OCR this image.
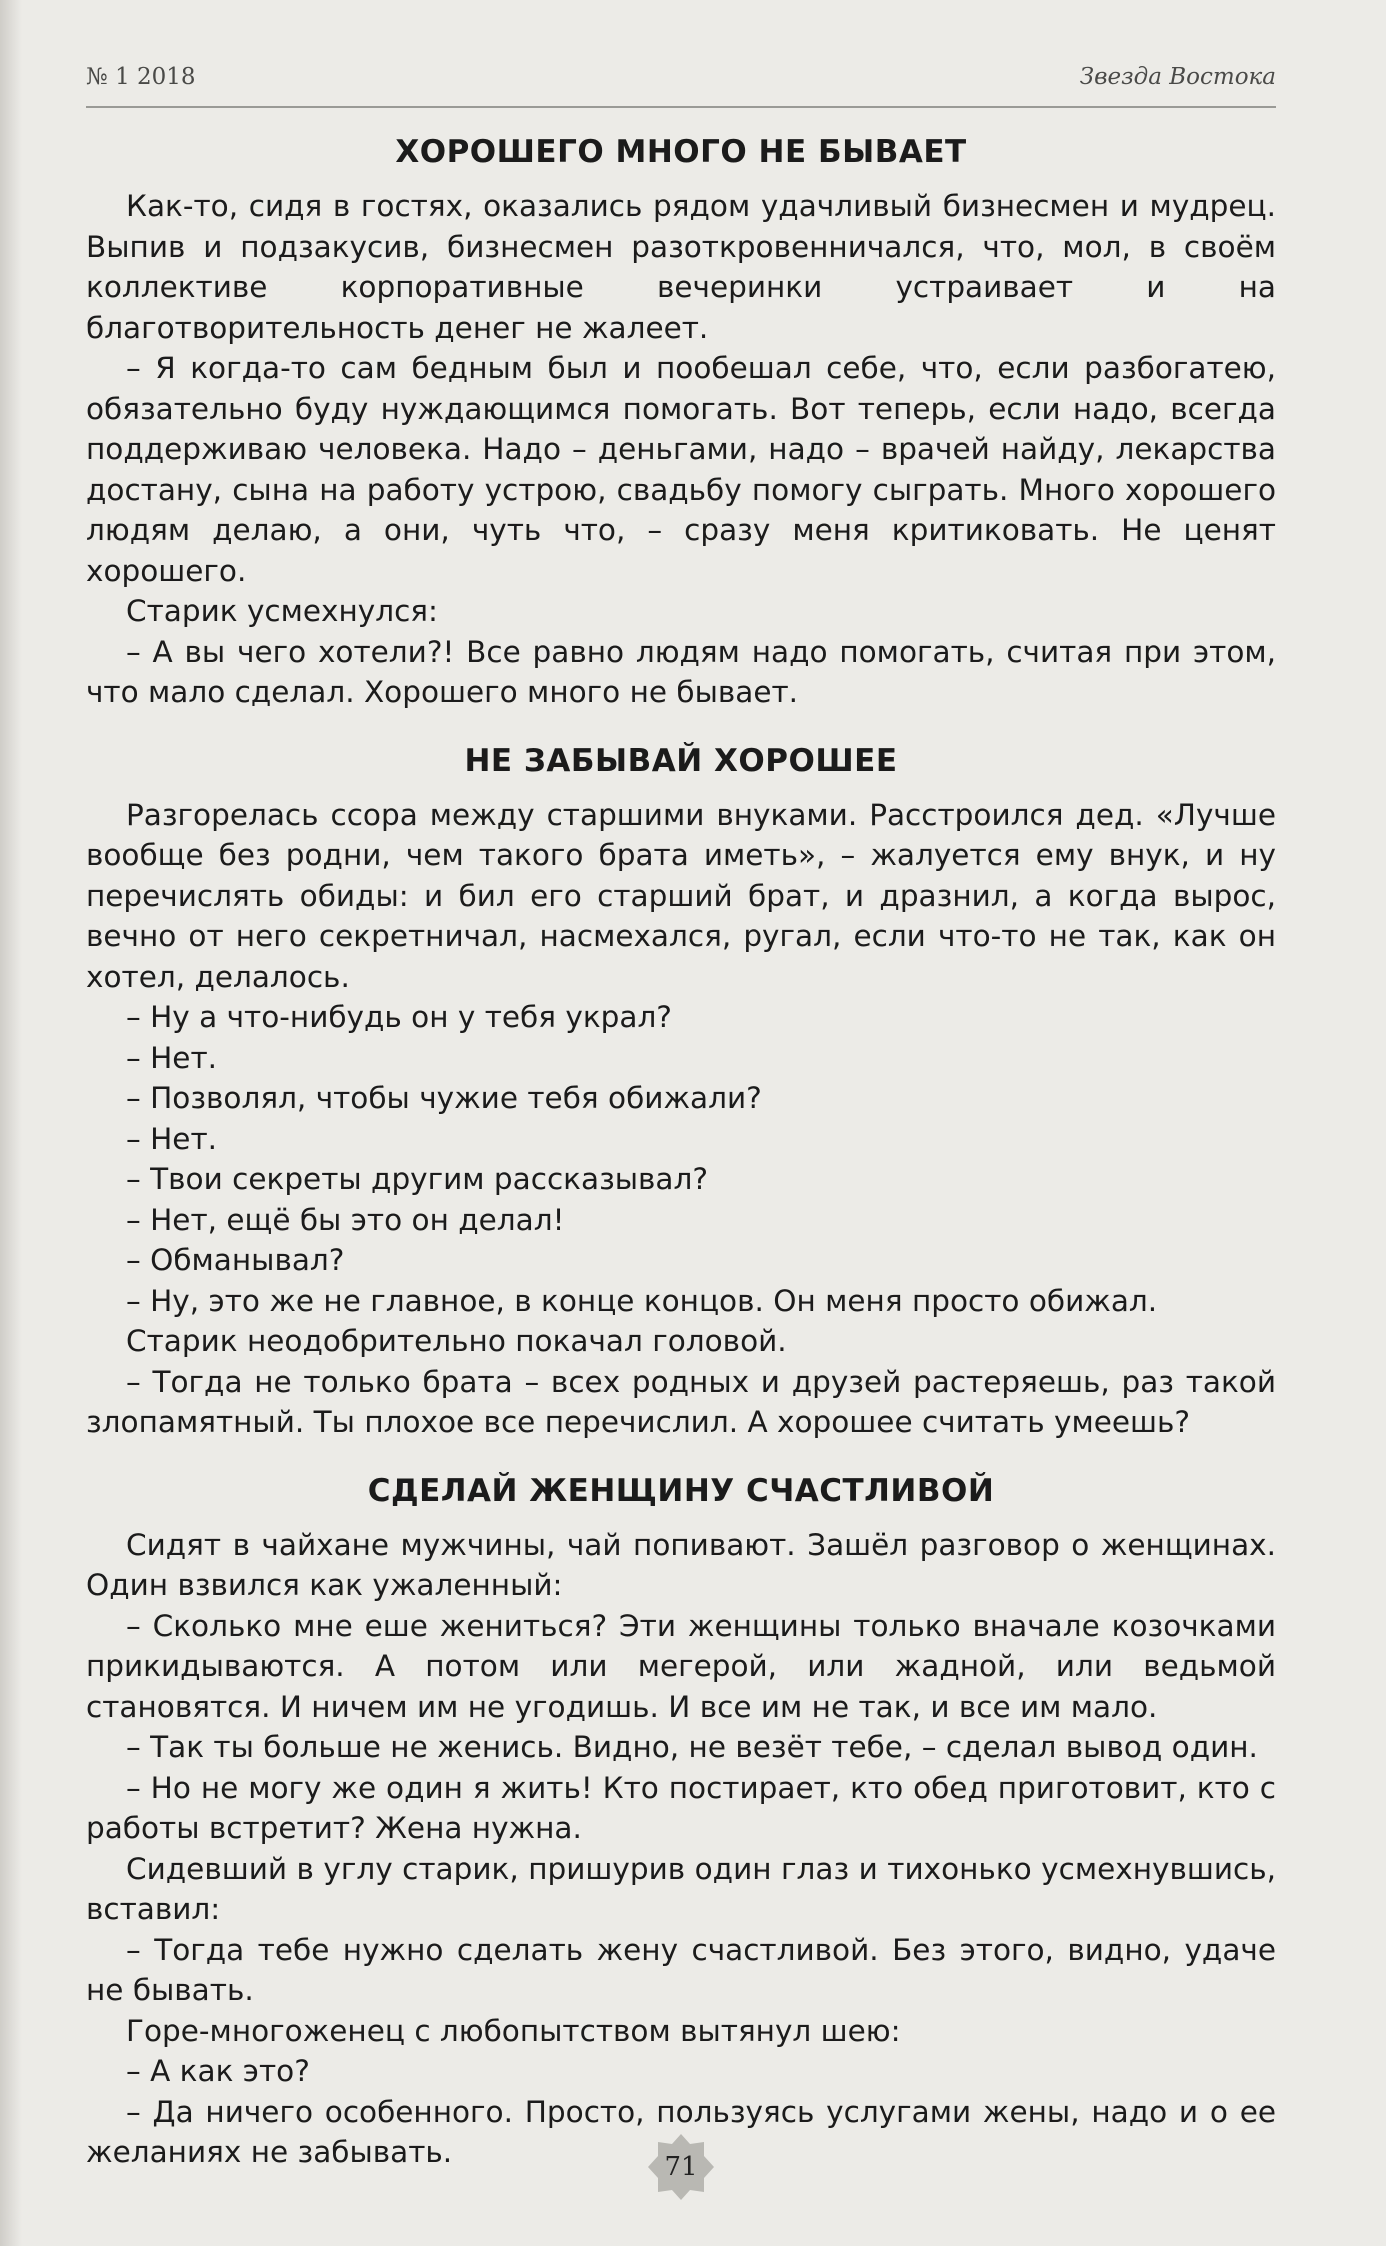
№ 1 2018	Звезда Востока
ХОРОШЕГО МНОГО НЕ БЫВАЕТ

Как-то, сидя в гостях, оказались рядом удачливый бизнесмен и мудрец. Выпив и подзакусив, бизнесмен разоткровенничался, что, мол, в своём коллективе корпоративные вечеринки устраивает и на благотворительность денег не жалеет.

– Я когда-то сам бедным был и пообешал себе, что, если разбогатею, обязательно буду нуждающимся помогать. Вот теперь, если надо, всегда поддерживаю человека. Надо – деньгами, надо – врачей найду, лекарства достану, сына на работу устрою, свадьбу помогу сыграть. Много хорошего людям делаю, а они, чуть что, – сразу меня критиковать. Не ценят хорошего.

Старик усмехнулся:

– А вы чего хотели?! Все равно людям надо помогать, считая при этом, что мало сделал. Хорошего много не бывает.

НЕ ЗАБЫВАЙ ХОРОШЕЕ

Разгорелась ссора между старшими внуками. Расстроился дед. «Лучше вообще без родни, чем такого брата иметь», – жалуется ему внук, и ну перечислять обиды: и бил его старший брат, и дразнил, а когда вырос, вечно от него секретничал, насмехался, ругал, если что-то не так, как он хотел, делалось.

– Ну а что-нибудь он у тебя украл?

– Нет.

– Позволял, чтобы чужие тебя обижали?

– Нет.

– Твои секреты другим рассказывал?

– Нет, ещё бы это он делал!

– Обманывал?

– Ну, это же не главное, в конце концов. Он меня просто обижал.

Старик неодобрительно покачал головой.

– Тогда не только брата – всех родных и друзей растеряешь, раз такой злопамятный. Ты плохое все перечислил. А хорошее считать умеешь?

СДЕЛАЙ ЖЕНЩИНУ СЧАСТЛИВОЙ

Сидят в чайхане мужчины, чай попивают. Зашёл разговор о женщинах. Один взвился как ужаленный:

– Сколько мне еше жениться? Эти женщины только вначале козочками прикидываются. А потом или мегерой, или жадной, или ведьмой становятся. И ничем им не угодишь. И все им не так, и все им мало.

– Так ты больше не женись. Видно, не везёт тебе, – сделал вывод один.

– Но не могу же один я жить! Кто постирает, кто обед приготовит, кто с работы встретит? Жена нужна.

Сидевший в углу старик, пришурив один глаз и тихонько усмехнувшись, вставил:

– Тогда тебе нужно сделать жену счастливой. Без этого, видно, удаче не бывать.

Горе-многоженец с любопытством вытянул шею:

– А как это?

– Да ничего особенного. Просто, пользуясь услугами жены, надо и о ее желаниях не забывать.	71
